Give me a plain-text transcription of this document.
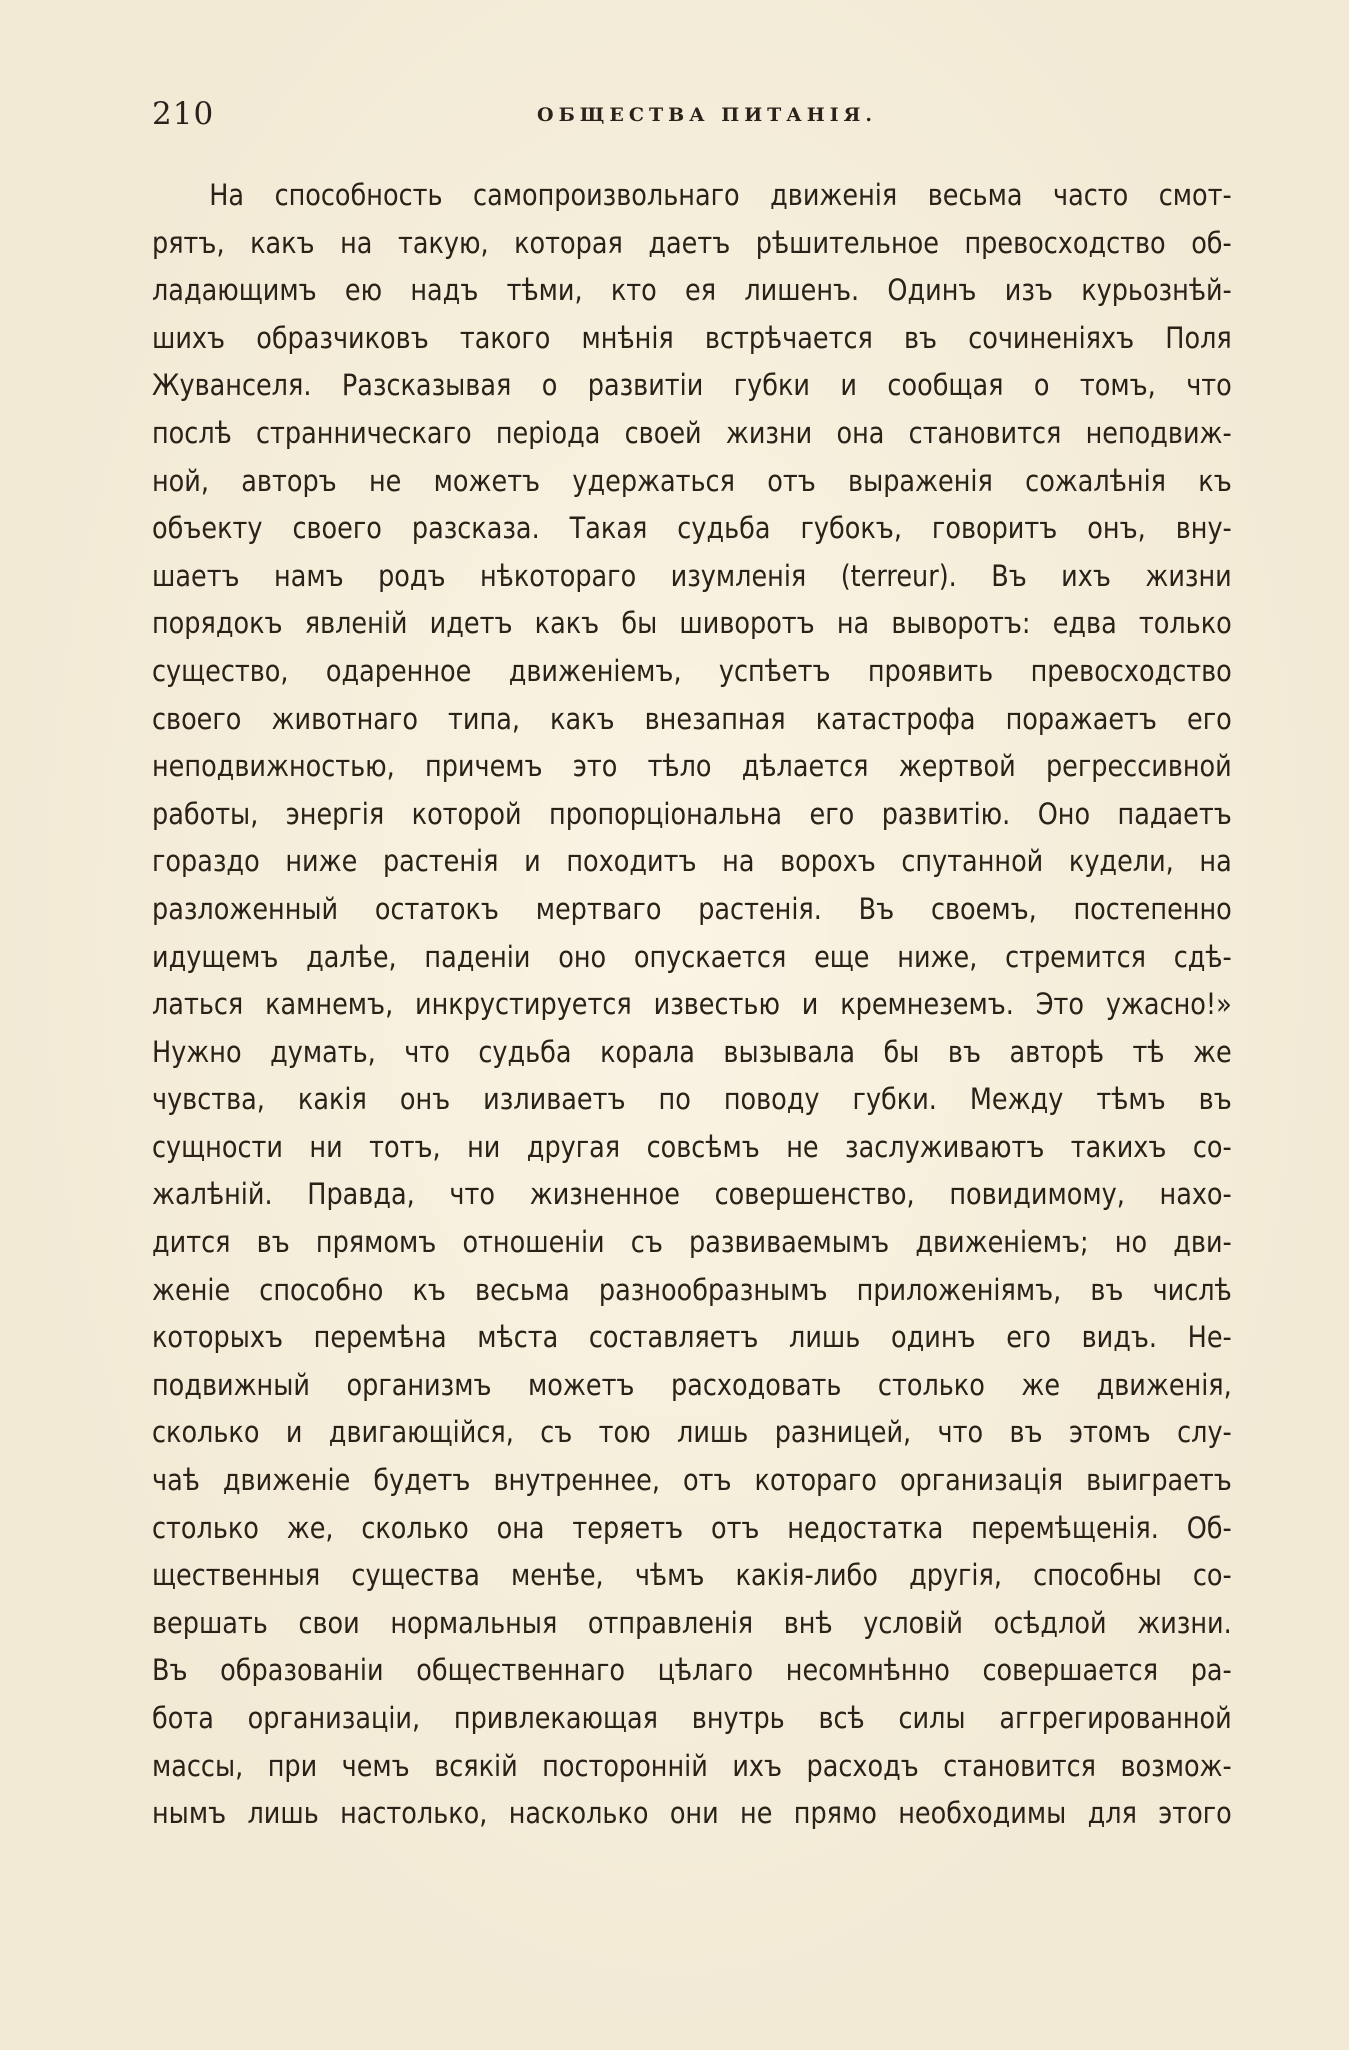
210	ОБЩЕСТВА ПИТАНІЯ.
На способность самопроизвольнаго движенія весьма часто смот-
рятъ, какъ на такую, которая даетъ рѣшительное превосходство об-
ладающимъ ею надъ тѣми, кто ея лишенъ. Одинъ изъ курьознѣй-
шихъ образчиковъ такого мнѣнія встрѣчается въ сочиненіяхъ Поля
Жуванселя. Разсказывая о развитіи губки и сообщая о томъ, что
послѣ странническаго періода своей жизни она становится неподвиж-
ной, авторъ не можетъ удержаться отъ выраженія сожалѣнія къ
объекту своего разсказа. Такая судьба губокъ, говоритъ онъ, вну-
шаетъ намъ родъ нѣкотораго изумленія (terreur). Въ ихъ жизни
порядокъ явленій идетъ какъ бы шиворотъ на выворотъ: едва только
существо, одаренное движеніемъ, успѣетъ проявить превосходство
своего животнаго типа, какъ внезапная катастрофа поражаетъ его
неподвижностью, причемъ это тѣло дѣлается жертвой регрессивной
работы, энергія которой пропорціональна его развитію. Оно падаетъ
гораздо ниже растенія и походитъ на ворохъ спутанной кудели, на
разложенный остатокъ мертваго растенія. Въ своемъ, постепенно
идущемъ далѣе, паденіи оно опускается еще ниже, стремится сдѣ-
латься камнемъ, инкрустируется известью и кремнеземъ. Это ужасно!»
Нужно думать, что судьба корала вызывала бы въ авторѣ тѣ же
чувства, какія онъ изливаетъ по поводу губки. Между тѣмъ въ
сущности ни тотъ, ни другая совсѣмъ не заслуживаютъ такихъ со-
жалѣній. Правда, что жизненное совершенство, повидимому, нахо-
дится въ прямомъ отношеніи съ развиваемымъ движеніемъ; но дви-
женіе способно къ весьма разнообразнымъ приложеніямъ, въ числѣ
которыхъ перемѣна мѣста составляетъ лишь одинъ его видъ. Не-
подвижный организмъ можетъ расходовать столько же движенія,
сколько и двигающійся, съ тою лишь разницей, что въ этомъ слу-
чаѣ движеніе будетъ внутреннее, отъ котораго организація выиграетъ
столько же, сколько она теряетъ отъ недостатка перемѣщенія. Об-
щественныя существа менѣе, чѣмъ какія-либо другія, способны со-
вершать свои нормальныя отправленія внѣ условій осѣдлой жизни.
Въ образованіи общественнаго цѣлаго несомнѣнно совершается ра-
бота организаціи, привлекающая внутрь всѣ силы аггрегированной
массы, при чемъ всякій посторонній ихъ расходъ становится возмож-
нымъ лишь настолько, насколько они не прямо необходимы для этого
